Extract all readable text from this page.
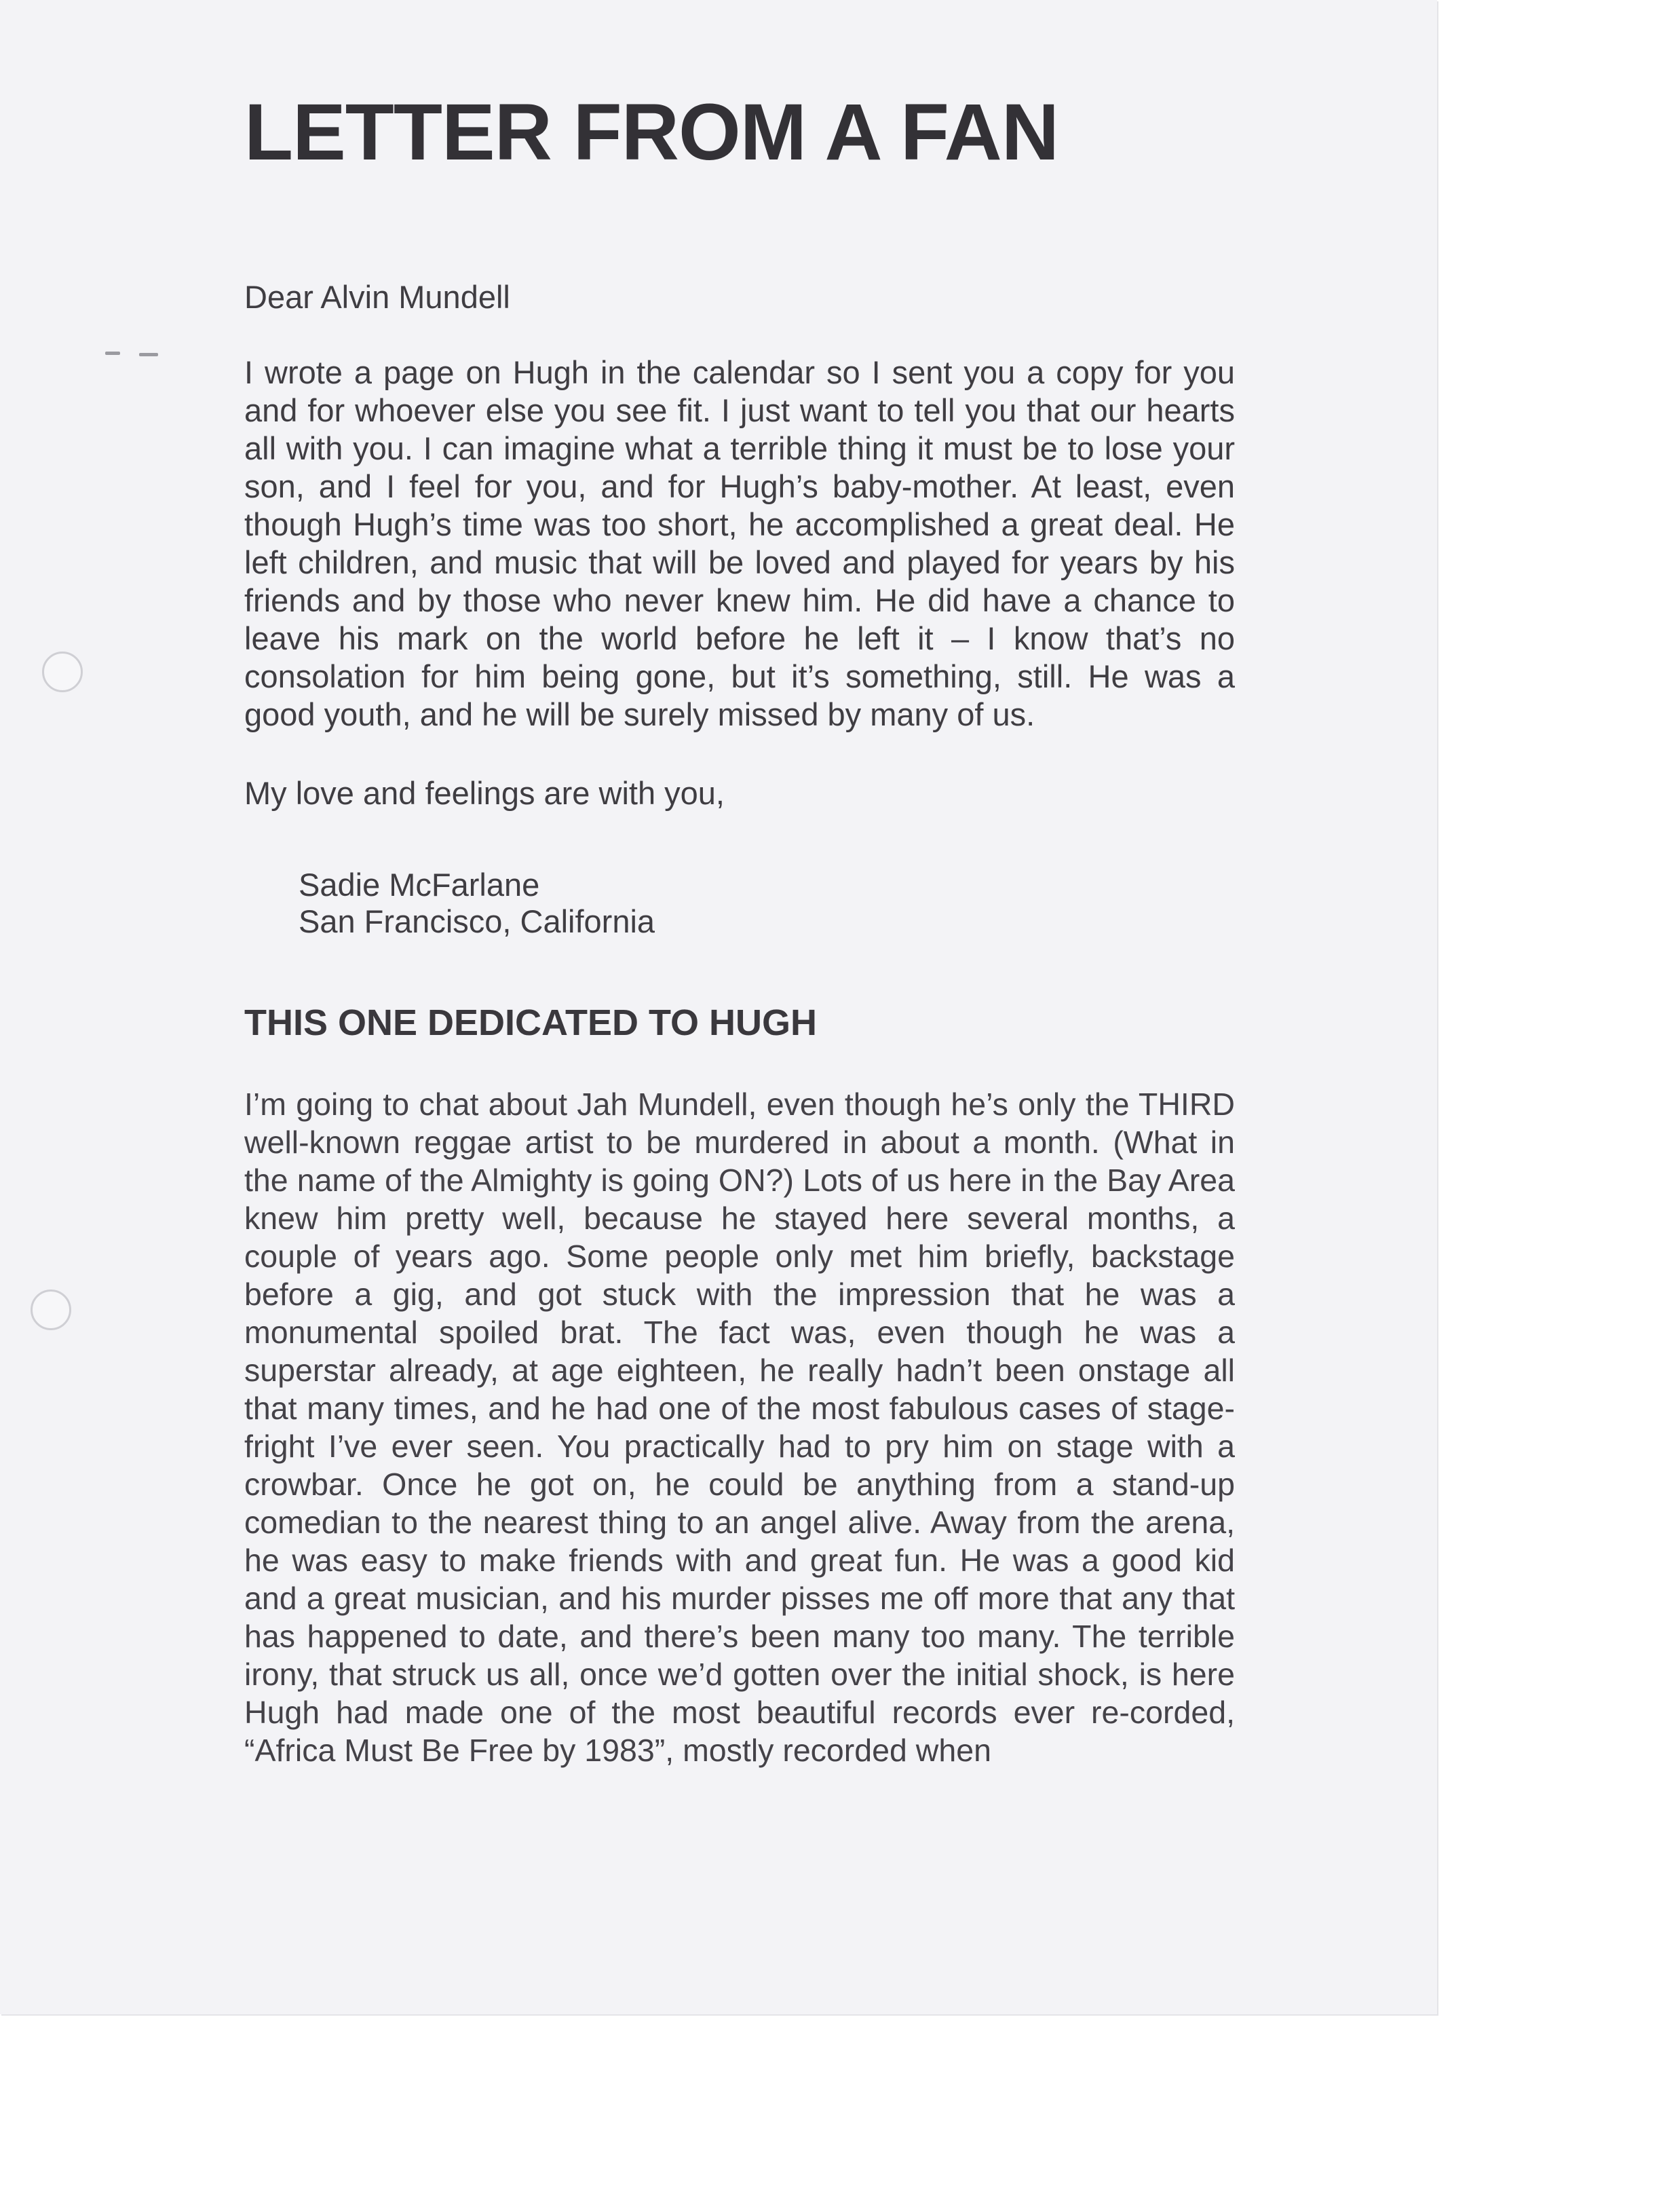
LETTER FROM A FAN

Dear Alvin Mundell

I wrote a page on Hugh in the calendar so I sent you a copy for you and for whoever else you see fit. I just want to tell you that our hearts all with you. I can imagine what a terrible thing it must be to lose your son, and I feel for you, and for Hugh’s baby-mother. At least, even though Hugh’s time was too short, he accomplished a great deal. He left children, and music that will be loved and played for years by his friends and by those who never knew him. He did have a chance to leave his mark on the world before he left it – I know that’s no consolation for him being gone, but it’s something, still. He was a good youth, and he will be surely missed by many of us.

My love and feelings are with you,

Sadie McFarlane
San Francisco, California
THIS ONE DEDICATED TO HUGH

I’m going to chat about Jah Mundell, even though he’s only the THIRD well-known reggae artist to be murdered in about a month. (What in the name of the Almighty is going ON?) Lots of us here in the Bay Area knew him pretty well, because he stayed here several months, a couple of years ago. Some people only met him briefly, backstage before a gig, and got stuck with the impression that he was a monumental spoiled brat. The fact was, even though he was a superstar already, at age eighteen, he really hadn’t been onstage all that many times, and he had one of the most fabulous cases of stage-fright I’ve ever seen. You practically had to pry him on stage with a crowbar. Once he got on, he could be anything from a stand-up comedian to the nearest thing to an angel alive. Away from the arena, he was easy to make friends with and great fun. He was a good kid and a great musician, and his murder pisses me off more that any that has happened to date, and there’s been many too many. The terrible irony, that struck us all, once we’d gotten over the initial shock, is here Hugh had made one of the most beautiful records ever re-corded, “Africa Must Be Free by 1983”, mostly recorded when
